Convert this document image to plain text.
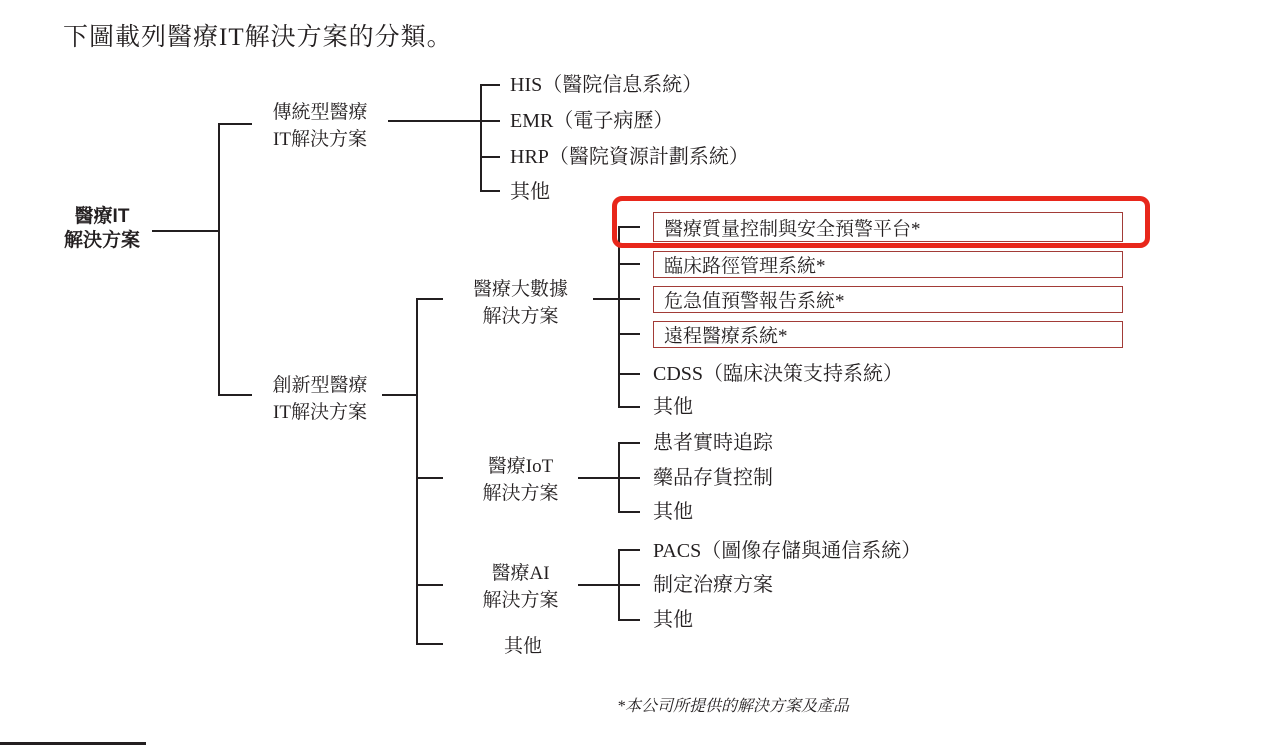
下圖載列醫療IT解決方案的分類。
醫療IT
解決方案
傳統型醫療
IT解決方案
創新型醫療
IT解決方案
HIS（醫院信息系統）
EMR（電子病歷）
HRP（醫院資源計劃系統）
其他
醫療大數據
解決方案
醫療IoT
解決方案
醫療AI
解決方案
其他
醫療質量控制與安全預警平台*
臨床路徑管理系統*
危急值預警報告系統*
遠程醫療系統*
CDSS（臨床決策支持系統）
其他
患者實時追踪
藥品存貨控制
其他
PACS（圖像存儲與通信系統）
制定治療方案
其他
*本公司所提供的解決方案及產品
